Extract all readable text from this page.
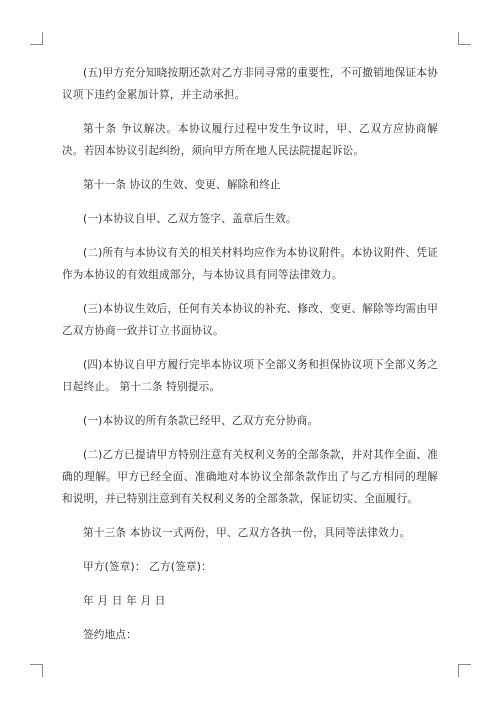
(五)甲方充分知晓按期还款对乙方非同寻常的重要性，不可撤销地保证本协议项下违约金累加计算，并主动承担。

第十条 争议解决。本协议履行过程中发生争议时，甲、乙双方应协商解决。若因本协议引起纠纷，须向甲方所在地人民法院提起诉讼。

第十一条 协议的生效、变更、解除和终止

(一)本协议自甲、乙双方签字、盖章后生效。

(二)所有与本协议有关的相关材料均应作为本协议附件。本协议附件、凭证作为本协议的有效组成部分，与本协议具有同等法律效力。

(三)本协议生效后，任何有关本协议的补充、修改、变更、解除等均需由甲乙双方协商一致并订立书面协议。

(四)本协议自甲方履行完毕本协议项下全部义务和担保协议项下全部义务之日起终止。 第十二条 特别提示。

(一)本协议的所有条款已经甲、乙双方充分协商。

(二)乙方已提请甲方特别注意有关权利义务的全部条款，并对其作全面、准确的理解。甲方已经全面、准确地对本协议全部条款作出了与乙方相同的理解和说明，并已特别注意到有关权利义务的全部条款，保证切实、全面履行。

第十三条 本协议一式两份，甲、乙双方各执一份，具同等法律效力。

甲方(签章)： 乙方(签章)：

年 月 日 年 月 日

签约地点：
